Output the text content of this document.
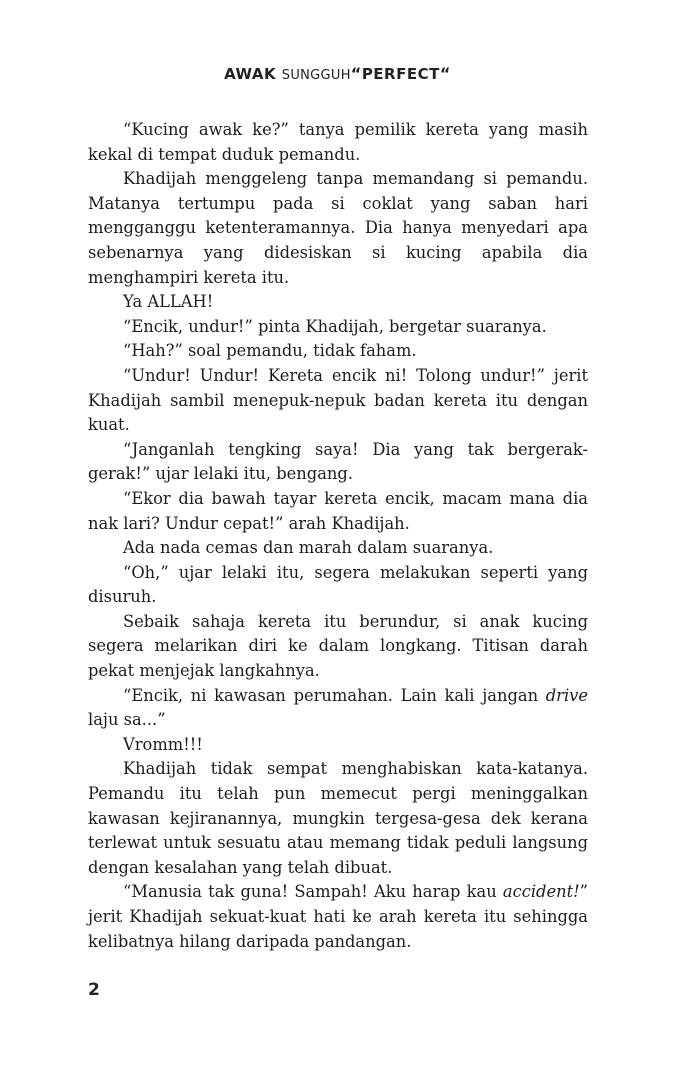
AWAK SUNGGUH“PERFECT“

“Kucing awak ke?” tanya pemilik kereta yang masih kekal di tempat duduk pemandu.

Khadijah menggeleng tanpa memandang si pemandu. Matanya tertumpu pada si coklat yang saban hari mengganggu ketenteramannya. Dia hanya menyedari apa sebenarnya yang didesiskan si kucing apabila dia menghampiri kereta itu.

Ya ALLAH!

“Encik, undur!” pinta Khadijah, bergetar suaranya.

“Hah?” soal pemandu, tidak faham.

“Undur! Undur! Kereta encik ni! Tolong undur!” jerit Khadijah sambil menepuk-nepuk badan kereta itu dengan kuat.

“Janganlah tengking saya! Dia yang tak bergerak-gerak!” ujar lelaki itu, bengang.

“Ekor dia bawah tayar kereta encik, macam mana dia nak lari? Undur cepat!” arah Khadijah.

Ada nada cemas dan marah dalam suaranya.

“Oh,” ujar lelaki itu, segera melakukan seperti yang disuruh.

Sebaik sahaja kereta itu berundur, si anak kucing segera melarikan diri ke dalam longkang. Titisan darah pekat menjejak langkahnya.

“Encik, ni kawasan perumahan. Lain kali jangan drive laju sa...”

Vromm!!!

Khadijah tidak sempat menghabiskan kata-katanya. Pemandu itu telah pun memecut pergi meninggalkan kawasan kejiranannya, mungkin tergesa-gesa dek kerana terlewat untuk sesuatu atau memang tidak peduli langsung dengan kesalahan yang telah dibuat.

“Manusia tak guna! Sampah! Aku harap kau accident!” jerit Khadijah sekuat-kuat hati ke arah kereta itu sehingga kelibatnya hilang daripada pandangan.

2
